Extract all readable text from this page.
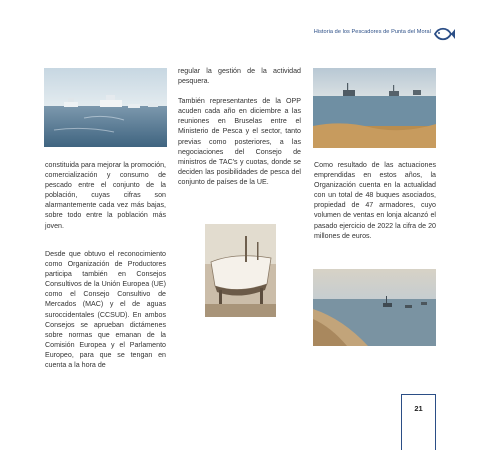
Historia de los Pescadores de Punta del Moral

constituida para mejorar la promoción, comercialización y consumo de pescado entre el conjunto de la población, cuyas cifras son alarmantemente cada vez más bajas, sobre todo entre la población más joven.

Desde que obtuvo el reconocimiento como Organización de Productores participa también en Consejos Consultivos de la Unión Europea (UE) como el Consejo Consultivo de Mercados (MAC) y el de aguas suroccidentales (CCSUD). En ambos Consejos se aprueban dictámenes sobre normas que emanan de la Comisión Europea y el Parlamento Europeo, para que se tengan en cuenta a la hora de

regular la gestión de la actividad pesquera.

También representantes de la OPP acuden cada año en diciembre a las reuniones en Bruselas entre el Ministerio de Pesca y el sector, tanto previas como posteriores, a las negociaciones del Consejo de ministros de TAC's y cuotas, donde se deciden las posibilidades de pesca del conjunto de países de la UE.

Como resultado de las actuaciones emprendidas en estos años, la Organización cuenta en la actualidad con un total de 48 buques asociados, propiedad de 47 armadores, cuyo volumen de ventas en lonja alcanzó el pasado ejercicio de 2022 la cifra de 20 millones de euros.

21
